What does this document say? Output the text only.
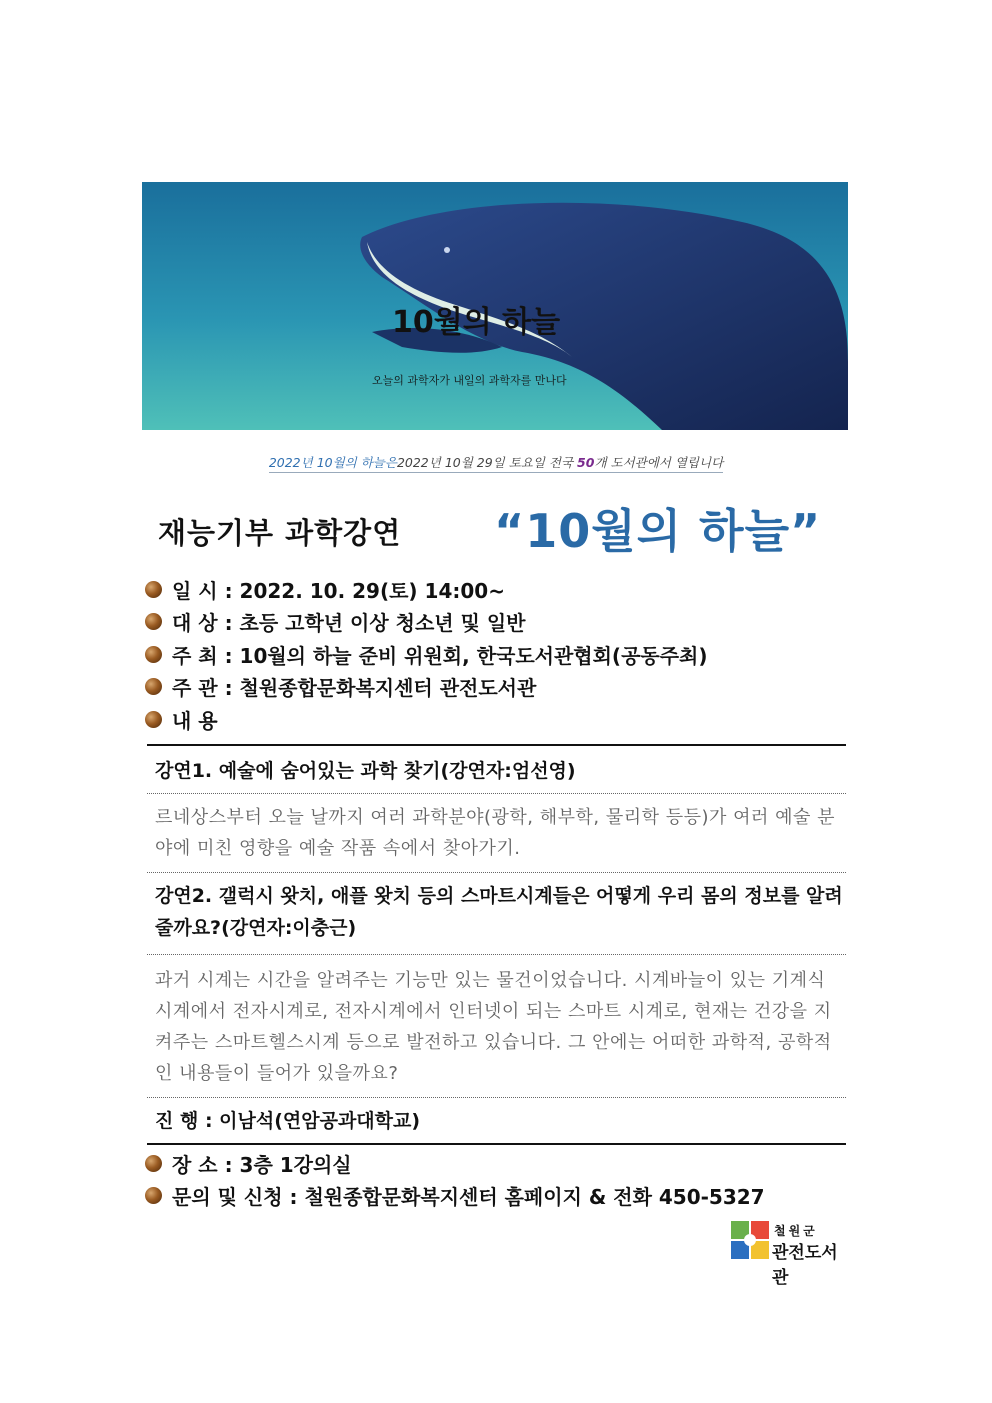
10월의 하늘
오늘의 과학자가 내일의 과학자를 만나다
2022년 10월의 하늘은2022년 10월 29일 토요일 전국 50개 도서관에서 열립니다
재능기부 과학강연 “10월의 하늘”
일 시 : 2022. 10. 29(토) 14:00~
대 상 : 초등 고학년 이상 청소년 및 일반
주 최 : 10월의 하늘 준비 위원회, 한국도서관협회(공동주최)
주 관 : 철원종합문화복지센터 관전도서관
내 용
강연1. 예술에 숨어있는 과학 찾기(강연자:엄선영)
르네상스부터 오늘 날까지 여러 과학분야(광학, 해부학, 물리학 등등)가 여러 예술 분야에 미친 영향을 예술 작품 속에서 찾아가기.
강연2. 갤럭시 왓치, 애플 왓치 등의 스마트시계들은 어떻게 우리 몸의 정보를 알려줄까요?(강연자:이충근)
과거 시계는 시간을 알려주는 기능만 있는 물건이었습니다. 시계바늘이 있는 기계식 시계에서 전자시계로, 전자시계에서 인터넷이 되는 스마트 시계로, 현재는 건강을 지켜주는 스마트헬스시계 등으로 발전하고 있습니다. 그 안에는 어떠한 과학적, 공학적인 내용들이 들어가 있을까요?
진 행 : 이남석(연암공과대학교)
장 소 : 3층 1강의실
문의 및 신청 : 철원종합문화복지센터 홈페이지 & 전화 450-5327
철원군
관전도서관
